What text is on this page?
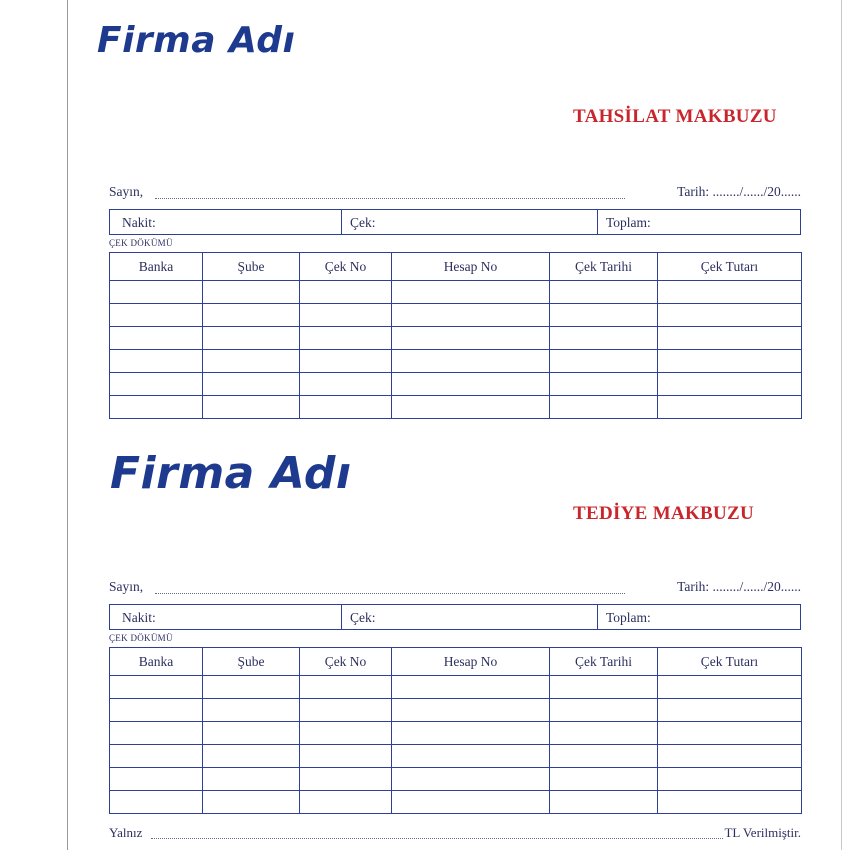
Firma Adı
TAHSİLAT MAKBUZU
Sayın,	Tarih: ......../....../20......
Nakit:	Çek:	Toplam:
ÇEK DÖKÜMÜ
Banka	Şube	Çek No	Hesap No	Çek Tarihi	Çek Tutarı

Firma Adı
TEDİYE MAKBUZU
Sayın,	Tarih: ......../....../20......
Nakit:	Çek:	Toplam:
ÇEK DÖKÜMÜ
Banka	Şube	Çek No	Hesap No	Çek Tarihi	Çek Tutarı

Yalnız	TL Verilmiştir.
